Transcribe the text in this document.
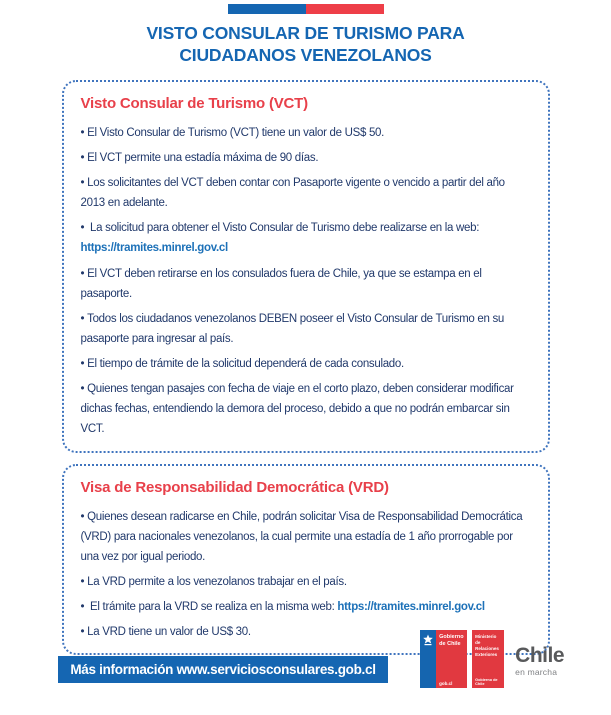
VISTO CONSULAR DE TURISMO PARA
CIUDADANOS VENEZOLANOS
Visto Consular de Turismo (VCT)

• El Visto Consular de Turismo (VCT) tiene un valor de US$ 50.

• El VCT permite una estadía máxima de 90 días.

• Los solicitantes del VCT deben contar con Pasaporte vigente o vencido a partir del año 2013 en adelante.

• La solicitud para obtener el Visto Consular de Turismo debe realizarse en la web:
https://tramites.minrel.gov.cl

• El VCT deben retirarse en los consulados fuera de Chile, ya que se estampa en el pasaporte.

• Todos los ciudadanos venezolanos DEBEN poseer el Visto Consular de Turismo en su pasaporte para ingresar al país.

• El tiempo de trámite de la solicitud dependerá de cada consulado.

• Quienes tengan pasajes con fecha de viaje en el corto plazo, deben considerar modificar dichas fechas, entendiendo la demora del proceso, debido a que no podrán embarcar sin VCT.

Visa de Responsabilidad Democrática (VRD)

• Quienes desean radicarse en Chile, podrán solicitar Visa de Responsabilidad Democrática (VRD) para nacionales venezolanos, la cual permite una estadía de 1 año prorrogable por una vez por igual periodo.

• La VRD permite a los venezolanos trabajar en el país.

• El trámite para la VRD se realiza en la misma web: https://tramites.minrel.gov.cl

• La VRD tiene un valor de US$ 30.

Más información www.serviciosconsulares.gob.cl
Gobierno
de Chile
gob.cl
Ministerio de
Relaciones
Exteriores
Gobierno de Chile
Chile
en marcha
